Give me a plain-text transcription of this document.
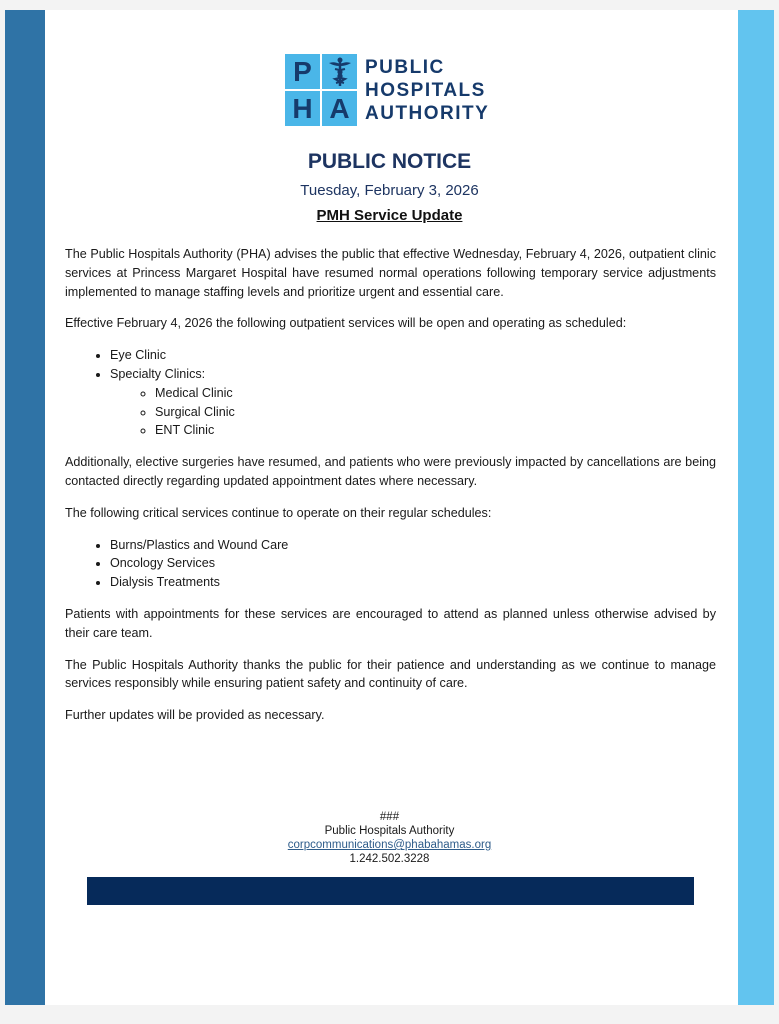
P
H A
PUBLIC
HOSPITALS
AUTHORITY
PUBLIC NOTICE
Tuesday, February 3, 2026
PMH Service Update

The Public Hospitals Authority (PHA) advises the public that effective Wednesday, February 4, 2026, outpatient clinic services at Princess Margaret Hospital have resumed normal operations following temporary service adjustments implemented to manage staffing levels and prioritize urgent and essential care.

Effective February 4, 2026 the following outpatient services will be open and operating as scheduled:

• Eye Clinic
• Specialty Clinics:
◦ Medical Clinic
◦ Surgical Clinic
◦ ENT Clinic

Additionally, elective surgeries have resumed, and patients who were previously impacted by cancellations are being contacted directly regarding updated appointment dates where necessary.

The following critical services continue to operate on their regular schedules:

• Burns/Plastics and Wound Care
• Oncology Services
• Dialysis Treatments

Patients with appointments for these services are encouraged to attend as planned unless otherwise advised by their care team.

The Public Hospitals Authority thanks the public for their patience and understanding as we continue to manage services responsibly while ensuring patient safety and continuity of care.

Further updates will be provided as necessary.

###
Public Hospitals Authority
corpcommunications@phabahamas.org
1.242.502.3228
